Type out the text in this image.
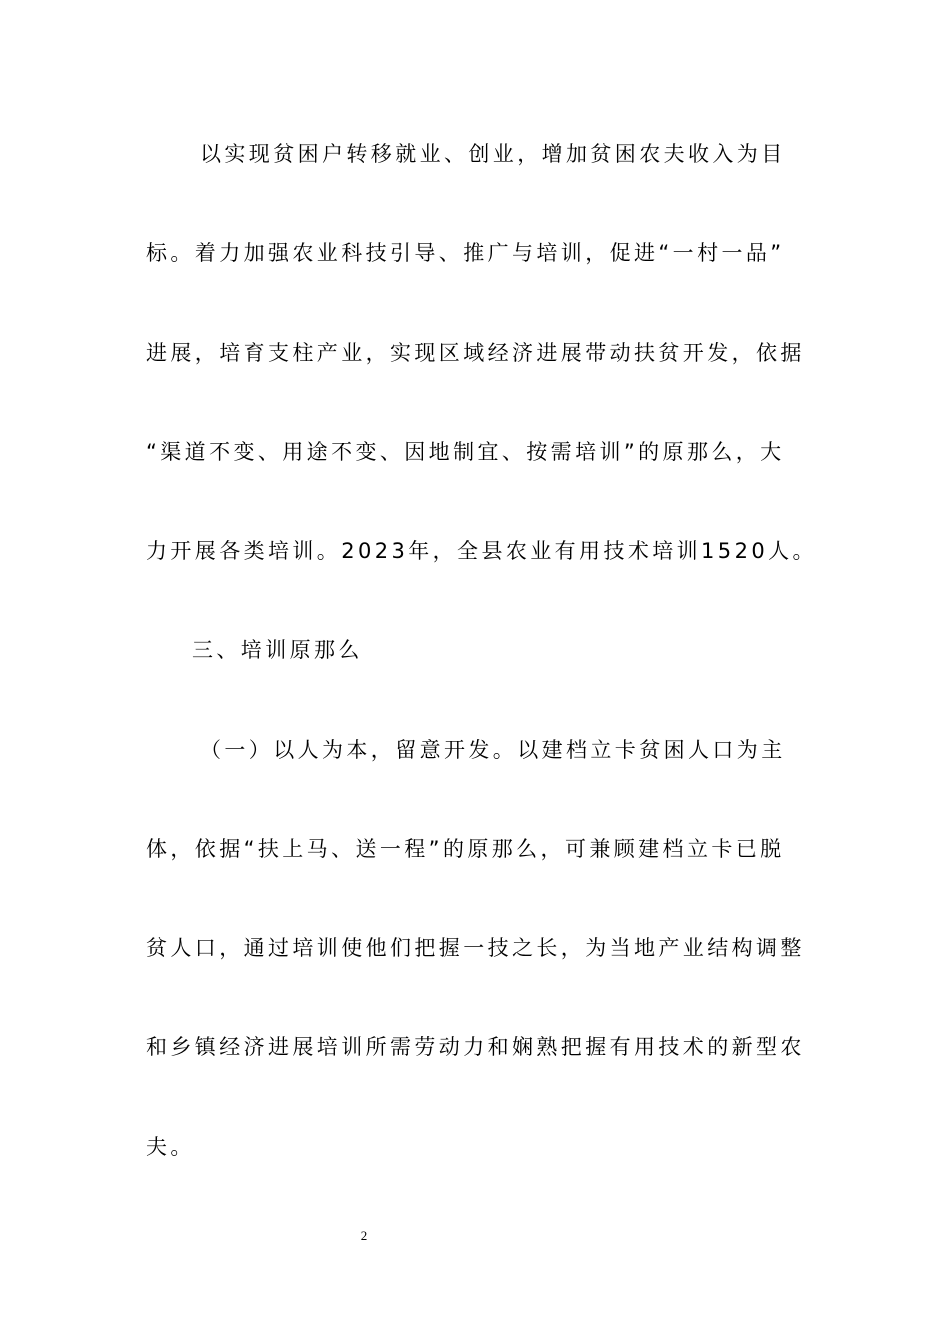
以实现贫困户转移就业、创业，增加贫困农夫收入为目
标。着力加强农业科技引导、推广与培训，促进“一村一品”
进展，培育支柱产业，实现区域经济进展带动扶贫开发，依据
“渠道不变、用途不变、因地制宜、按需培训”的原那么，大
力开展各类培训。2023年，全县农业有用技术培训1520人。
三、培训原那么
（一）以人为本，留意开发。以建档立卡贫困人口为主
体，依据“扶上马、送一程”的原那么，可兼顾建档立卡已脱
贫人口，通过培训使他们把握一技之长，为当地产业结构调整
和乡镇经济进展培训所需劳动力和娴熟把握有用技术的新型农
夫。
2
